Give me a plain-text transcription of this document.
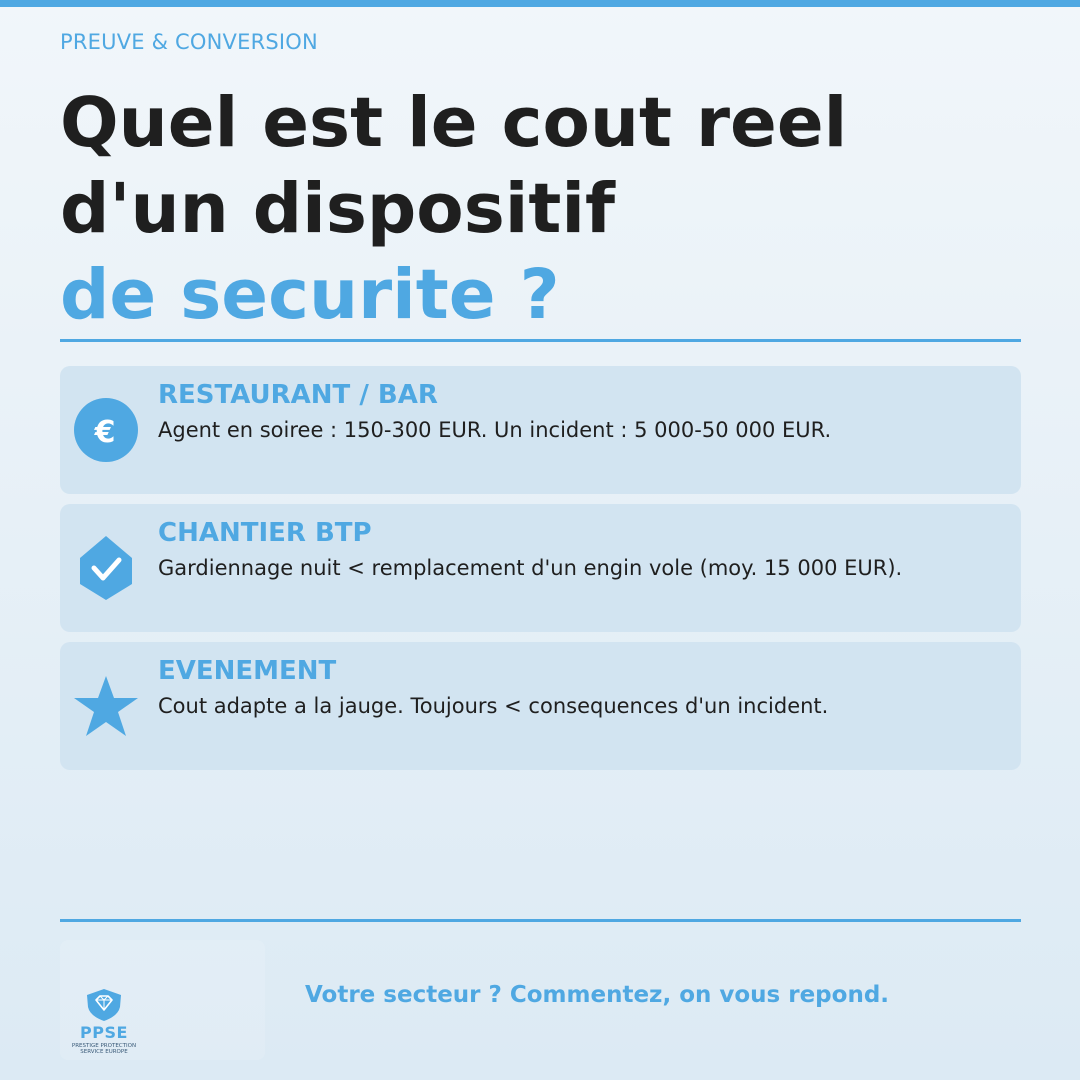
PREUVE & CONVERSION
Quel est le cout reel
d'un dispositif
de securite ?
€
RESTAURANT / BAR
Agent en soiree : 150-300 EUR. Un incident : 5 000-50 000 EUR.
CHANTIER BTP
Gardiennage nuit < remplacement d'un engin vole (moy. 15 000 EUR).
EVENEMENT
Cout adapte a la jauge. Toujours < consequences d'un incident.
PPSE
PRESTIGE PROTECTION SERVICE EUROPE
Votre secteur ? Commentez, on vous repond.
